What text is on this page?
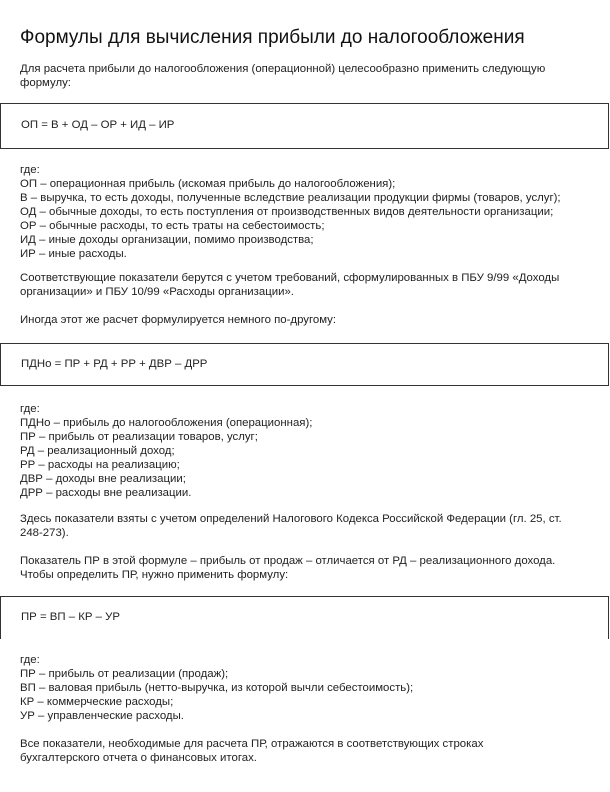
Формулы для вычисления прибыли до налогообложения
Для расчета прибыли до налогообложения (операционной) целесообразно применить следующую
формулу:
ОП = В + ОД – ОР + ИД – ИР
где:
ОП – операционная прибыль (искомая прибыль до налогообложения);
В – выручка, то есть доходы, полученные вследствие реализации продукции фирмы (товаров, услуг);
ОД – обычные доходы, то есть поступления от производственных видов деятельности организации;
ОР – обычные расходы, то есть траты на себестоимость;
ИД – иные доходы организации, помимо производства;
ИР – иные расходы.
Соответствующие показатели берутся с учетом требований, сформулированных в ПБУ 9/99 «Доходы
организации» и ПБУ 10/99 «Расходы организации».
Иногда этот же расчет формулируется немного по-другому:
ПДНо = ПР + РД + РР + ДВР – ДРР
где:
ПДНо – прибыль до налогообложения (операционная);
ПР – прибыль от реализации товаров, услуг;
РД – реализационный доход;
РР – расходы на реализацию;
ДВР – доходы вне реализации;
ДРР – расходы вне реализации.
Здесь показатели взяты с учетом определений Налогового Кодекса Российской Федерации (гл. 25, ст.
248-273).
Показатель ПР в этой формуле – прибыль от продаж – отличается от РД – реализационного дохода.
Чтобы определить ПР, нужно применить формулу:
ПР = ВП – КР – УР
где:
ПР – прибыль от реализации (продаж);
ВП – валовая прибыль (нетто-выручка, из которой вычли себестоимость);
КР – коммерческие расходы;
УР – управленческие расходы.
Все показатели, необходимые для расчета ПР, отражаются в соответствующих строках
бухгалтерского отчета о финансовых итогах.
